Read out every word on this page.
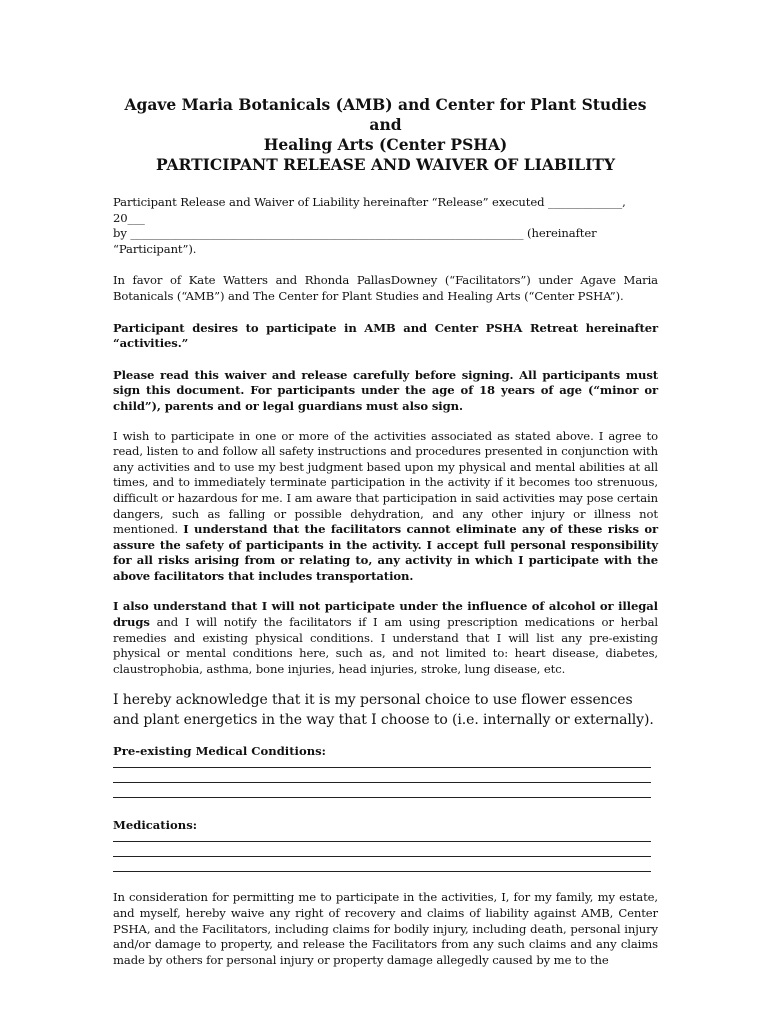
Agave Maria Botanicals (AMB) and Center for Plant Studies and

Healing Arts (Center PSHA)

PARTICIPANT RELEASE AND WAIVER OF LIABILITY

Participant Release and Waiver of Liability hereinafter “Release” executed _____________, 20___

by _____________________________________________________________________ (hereinafter “Participant”).

In favor of Kate Watters and Rhonda PallasDowney (“Facilitators”) under Agave Maria Botanicals (“AMB”) and The Center for Plant Studies and Healing Arts (“Center PSHA”).

Participant desires to participate in AMB and Center PSHA Retreat hereinafter “activities.”

Please read this waiver and release carefully before signing. All participants must sign this document. For participants under the age of 18 years of age (“minor or child”), parents and or legal guardians must also sign.

I wish to participate in one or more of the activities associated as stated above. I agree to read, listen to and follow all safety instructions and procedures presented in conjunction with any activities and to use my best judgment based upon my physical and mental abilities at all times, and to immediately terminate participation in the activity if it becomes too strenuous, difficult or hazardous for me. I am aware that participation in said activities may pose certain dangers, such as falling or possible dehydration, and any other injury or illness not mentioned. I understand that the facilitators cannot eliminate any of these risks or assure the safety of participants in the activity. I accept full personal responsibility for all risks arising from or relating to, any activity in which I participate with the above facilitators that includes transportation.

I also understand that I will not participate under the influence of alcohol or illegal drugs and I will notify the facilitators if I am using prescription medications or herbal remedies and existing physical conditions. I understand that I will list any pre-existing physical or mental conditions here, such as, and not limited to: heart disease, diabetes, claustrophobia, asthma, bone injuries, head injuries, stroke, lung disease, etc.

I hereby acknowledge that it is my personal choice to use flower essences and plant energetics in the way that I choose to (i.e. internally or externally).

Pre-existing Medical Conditions:

Medications:

In consideration for permitting me to participate in the activities, I, for my family, my estate, and myself, hereby waive any right of recovery and claims of liability against AMB, Center PSHA, and the Facilitators, including claims for bodily injury, including death, personal injury and/or damage to property, and release the Facilitators from any such claims and any claims made by others for personal injury or property damage allegedly caused by me to the
